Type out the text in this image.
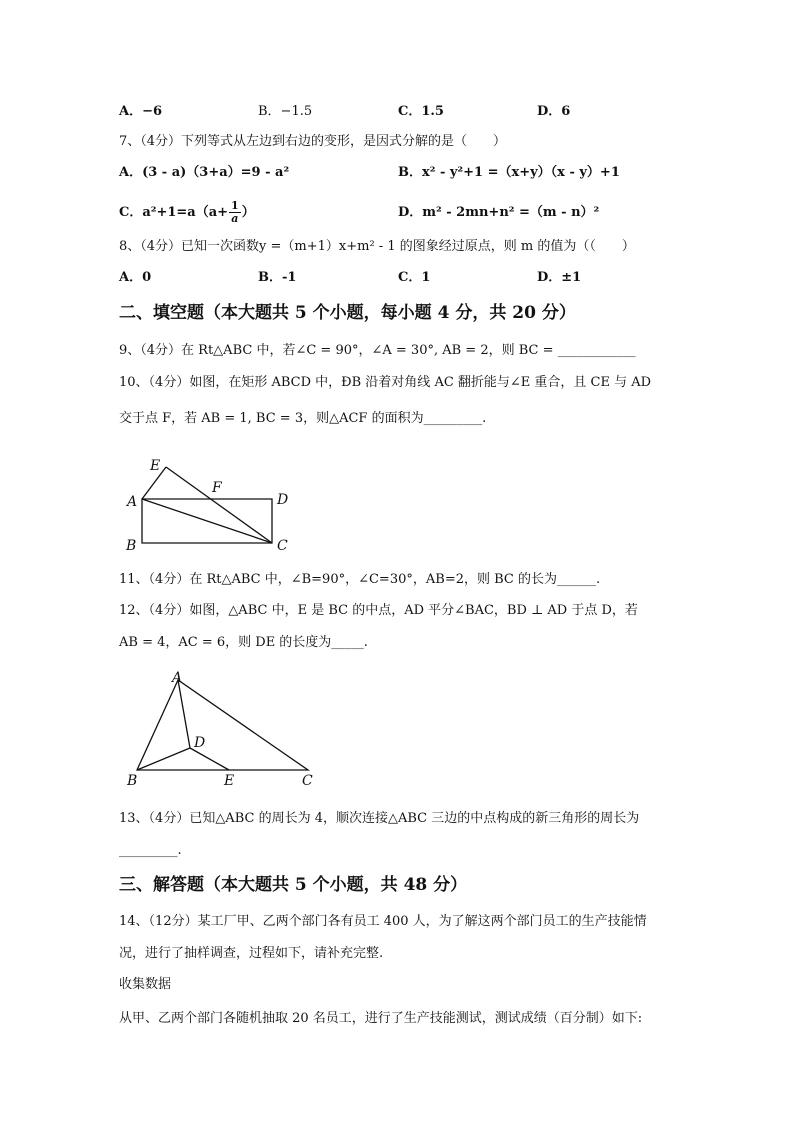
A．−6	B．−1.5	C．1.5	D．6
7、（4分）下列等式从左边到右边的变形，是因式分解的是（　　）
A．(3 - a)（3+a）=9 - a²	B．x² - y²+1 =（x+y）（x - y）+1
C．$a^2+1=a(a+ \frac{1}{a}$ ）	D．m² - 2mn+n² =（m - n）²
8、（4分）已知一次函数y =（m+1）x+m² - 1 的图象经过原点，则 m 的值为（（　　）
A．0	B．-1	C．1	D．±1
二、填空题（本大题共 5 个小题，每小题 4 分，共 20 分）
9、（4分）在 Rt△ABC 中，若∠C = 90°，∠A = 30°, AB = 2，则 BC = ____________
10、（4分）如图，在矩形 ABCD 中，ÐB 沿着对角线 AC 翻折能与∠E 重合，且 CE 与 AD
交于点 F，若 AB = 1, BC = 3，则△ACF 的面积为_________.
E
F
A	D
B	C
11、（4分）在 Rt△ABC 中，∠B=90°，∠C=30°，AB=2，则 BC 的长为______.
12、（4分）如图，△ABC 中，E 是 BC 的中点，AD 平分∠BAC，BD ⊥ AD 于点 D，若
AB = 4，AC = 6，则 DE 的长度为_____.
A
D
B	E	C
13、（4分）已知△ABC 的周长为 4，顺次连接△ABC 三边的中点构成的新三角形的周长为
_________.
三、解答题（本大题共 5 个小题，共 48 分）
14、（12分）某工厂甲、乙两个部门各有员工 400 人，为了解这两个部门员工的生产技能情
况，进行了抽样调查，过程如下，请补充完整.
收集数据
从甲、乙两个部门各随机抽取 20 名员工，进行了生产技能测试，测试成绩（百分制）如下:
